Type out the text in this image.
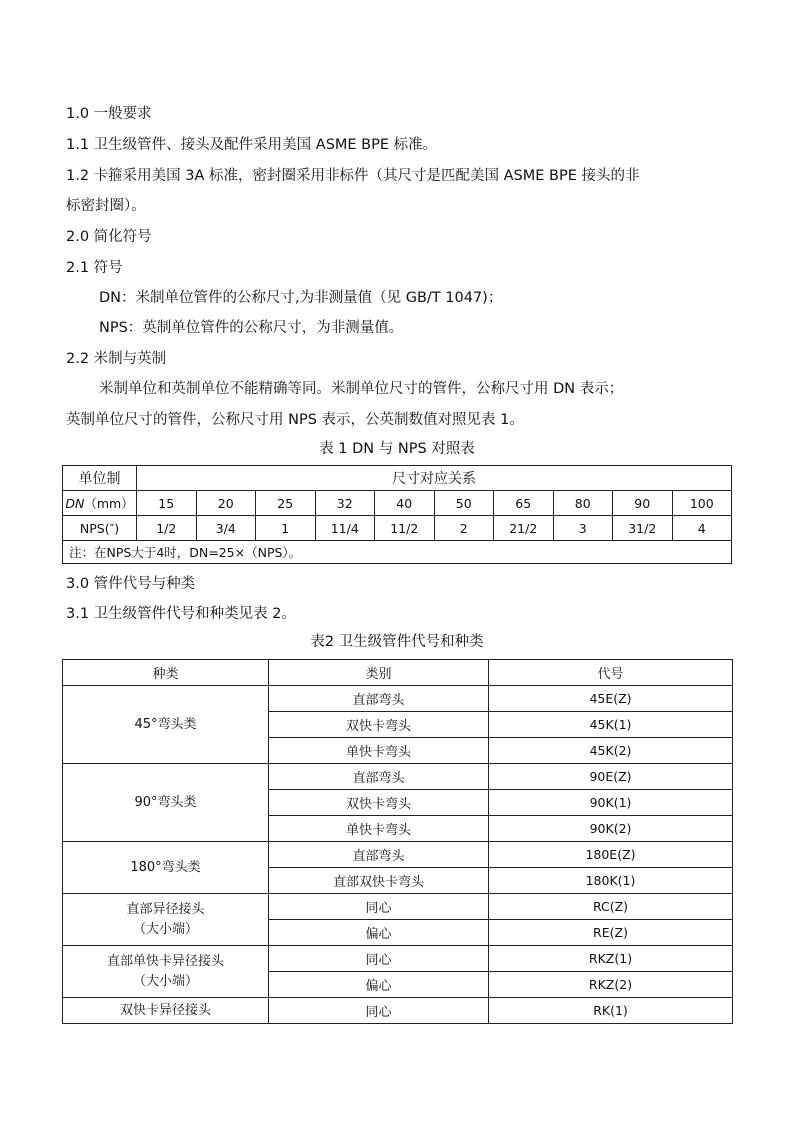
1.0 一般要求
1.1 卫生级管件、接头及配件采用美国 ASME BPE 标准。
1.2 卡箍采用美国 3A 标准，密封圈采用非标件（其尺寸是匹配美国 ASME BPE 接头的非
标密封圈）。
2.0 简化符号
2.1 符号
DN：米制单位管件的公称尺寸,为非测量值（见 GB/T 1047)；
NPS：英制单位管件的公称尺寸，为非测量值。
2.2 米制与英制
米制单位和英制单位不能精确等同。米制单位尺寸的管件，公称尺寸用 DN 表示；
英制单位尺寸的管件，公称尺寸用 NPS 表示，公英制数值对照见表 1。
表 1 DN 与 NPS 对照表
单位制	尺寸对应关系									
DN（mm）	15	20	25	32	40	50	65	80	90	100
NPS(″)	1/2	3/4	1	11/4	11/2	2	21/2	3	31/2	4
注：在NPS大于4时，DN=25×（NPS）。										
3.0 管件代号与种类
3.1 卫生级管件代号和种类见表 2。
表2 卫生级管件代号和种类
种类	类别	代号
45°弯头类	直部弯头	45E(Z)
	双快卡弯头	45K(1)
	单快卡弯头	45K(2)
90°弯头类	直部弯头	90E(Z)
	双快卡弯头	90K(1)
	单快卡弯头	90K(2)
180°弯头类	直部弯头	180E(Z)
	直部双快卡弯头	180K(1)

直部异径接头
（大小端）	同心	RC(Z)
	偏心	RE(Z)

直部单快卡异径接头
（大小端）	同心	RKZ(1)
	偏心	RKZ(2)
双快卡异径接头	同心	RK(1)
